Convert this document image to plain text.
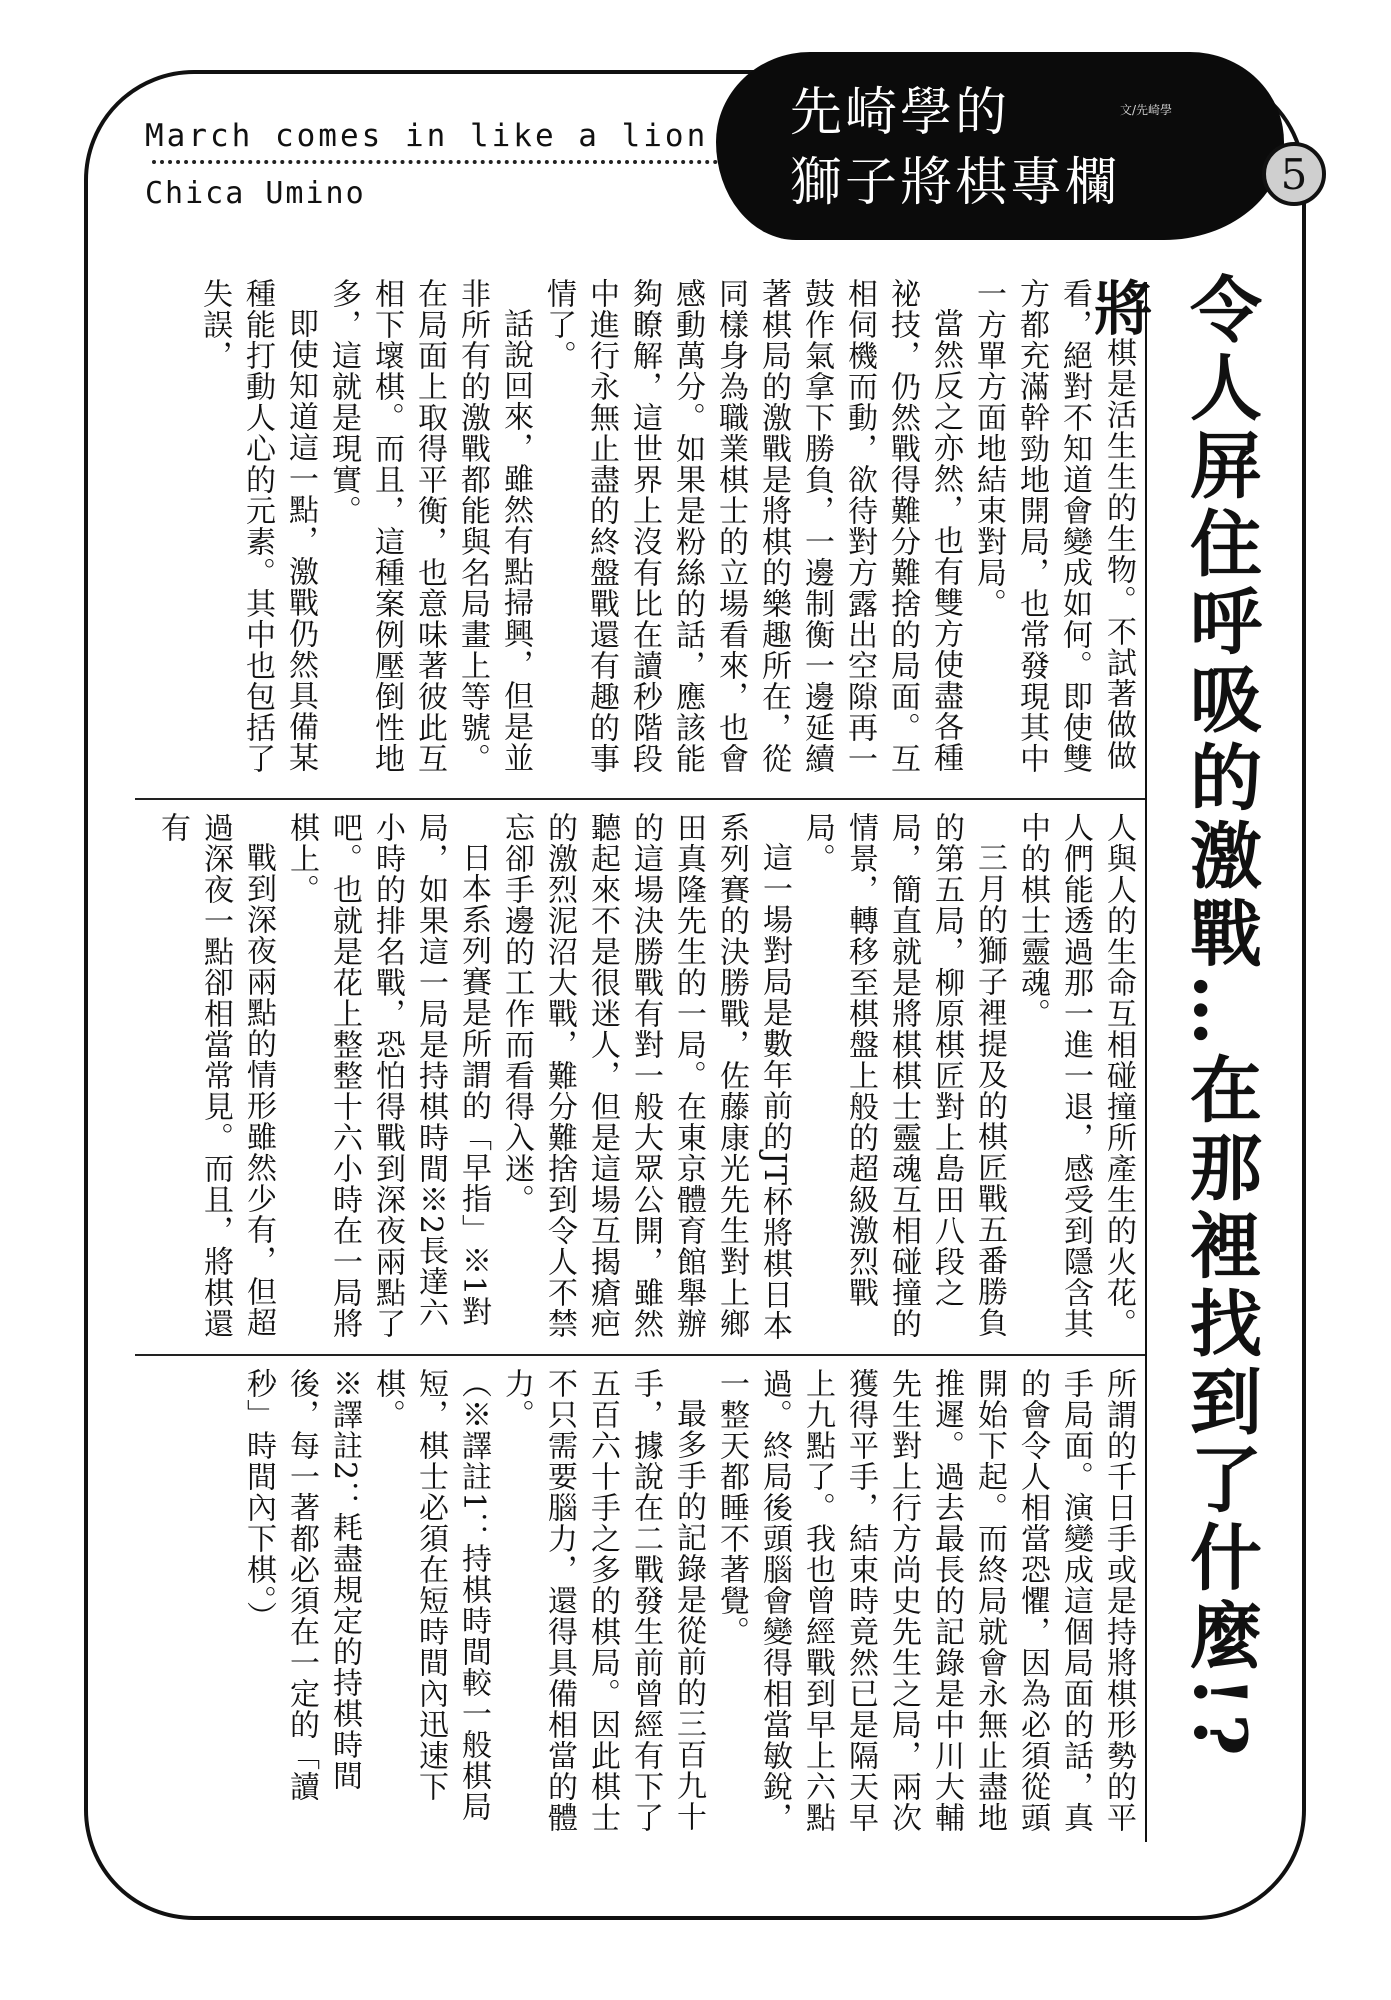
March comes in like a lion
Chica Umino
先崎學的
獅子將棋專欄
文/先崎學
5
令人屏住呼吸的激戰…在那裡找到了什麼!?

將棋是活生生的生物。不試著做做看，絕對不知道會變成如何。即使雙方都充滿幹勁地開局，也常發現其中一方單方面地結束對局。

當然反之亦然，也有雙方使盡各種祕技，仍然戰得難分難捨的局面。互相伺機而動，欲待對方露出空隙再一鼓作氣拿下勝負，一邊制衡一邊延續著棋局的激戰是將棋的樂趣所在，從同樣身為職業棋士的立場看來，也會感動萬分。如果是粉絲的話，應該能夠瞭解，這世界上沒有比在讀秒階段中進行永無止盡的終盤戰還有趣的事情了。

話說回來，雖然有點掃興，但是並非所有的激戰都能與名局畫上等號。在局面上取得平衡，也意味著彼此互相下壞棋。而且，這種案例壓倒性地多，這就是現實。

即使知道這一點，激戰仍然具備某種能打動人心的元素。其中也包括了失誤，

人與人的生命互相碰撞所產生的火花。人們能透過那一進一退，感受到隱含其中的棋士靈魂。

三月的獅子裡提及的棋匠戰五番勝負的第五局，柳原棋匠對上島田八段之局，簡直就是將棋棋士靈魂互相碰撞的情景，轉移至棋盤上般的超級激烈戰局。

這一場對局是數年前的JT杯將棋日本系列賽的決勝戰，佐藤康光先生對上鄉田真隆先生的一局。在東京體育館舉辦的這場決勝戰有對一般大眾公開，雖然聽起來不是很迷人，但是這場互揭瘡疤的激烈泥沼大戰，難分難捨到令人不禁忘卻手邊的工作而看得入迷。

日本系列賽是所謂的「早指」※1對局，如果這一局是持棋時間※2長達六小時的排名戰，恐怕得戰到深夜兩點了吧。也就是花上整整十六小時在一局將棋上。

戰到深夜兩點的情形雖然少有，但超過深夜一點卻相當常見。而且，將棋還有

所謂的千日手或是持將棋形勢的平手局面。演變成這個局面的話，真的會令人相當恐懼，因為必須從頭開始下起。而終局就會永無止盡地推遲。過去最長的記錄是中川大輔先生對上行方尚史先生之局，兩次獲得平手，結束時竟然已是隔天早上九點了。我也曾經戰到早上六點過。終局後頭腦會變得相當敏銳，一整天都睡不著覺。

最多手的記錄是從前的三百九十手，據說在二戰發生前曾經有下了五百六十手之多的棋局。因此棋士不只需要腦力，還得具備相當的體力。

（※譯註1：持棋時間較一般棋局短，棋士必須在短時間內迅速下棋。

※譯註2：耗盡規定的持棋時間後，每一著都必須在一定的「讀秒」時間內下棋。）
